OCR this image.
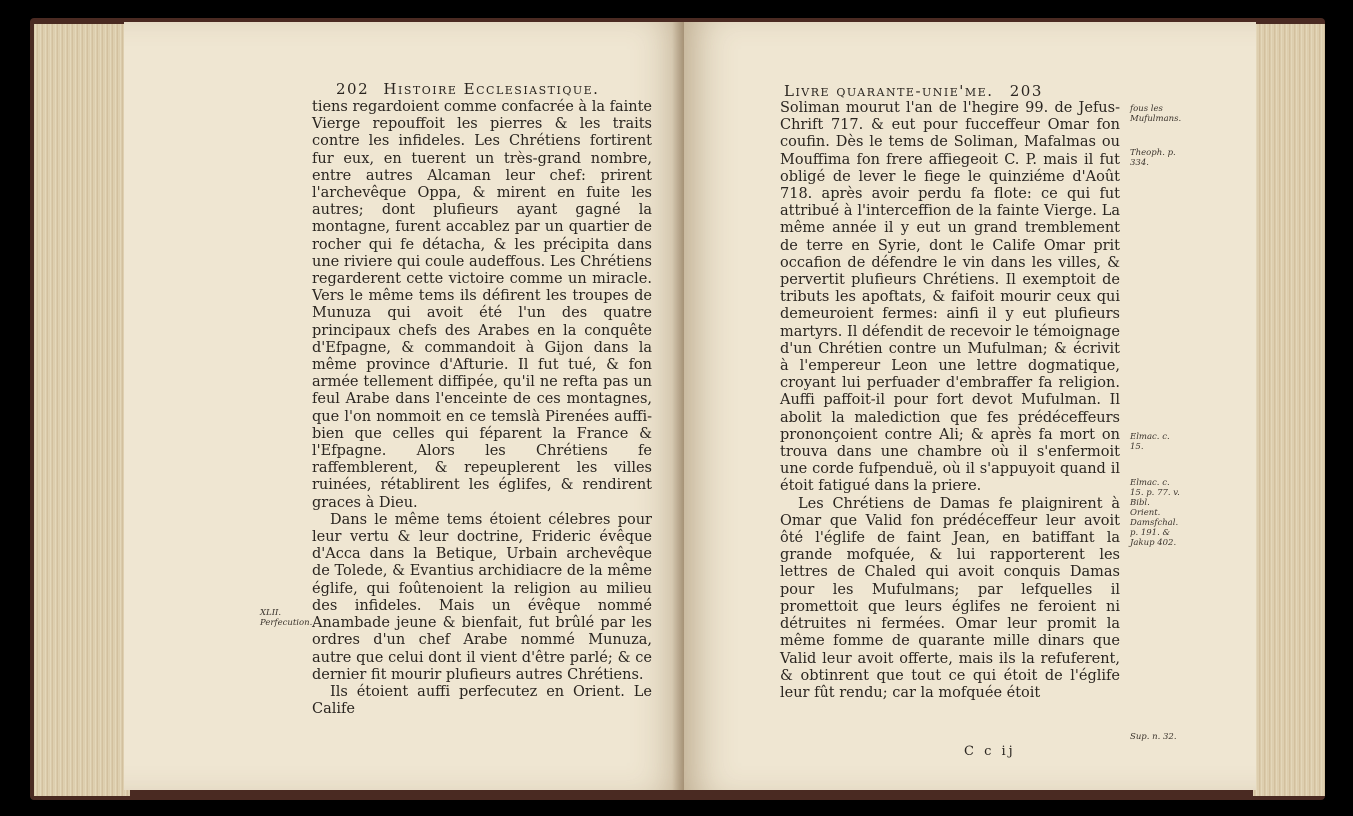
202 Histoire Ecclesiastique.

tiens regardoient comme confacrée à la fainte Vierge repouffoit les pierres & les traits contre les infideles. Les Chrétiens fortirent fur eux, en tuerent un très-grand nombre, entre autres Alcaman leur chef: prirent l'archevêque Oppa, & mirent en fuite les autres; dont plufieurs ayant gagné la montagne, furent accablez par un quartier de rocher qui fe détacha, & les précipita dans une riviere qui coule audeffous. Les Chrétiens regarderent cette victoire comme un miracle. Vers le même tems ils défirent les troupes de Munuza qui avoit été l'un des quatre principaux chefs des Arabes en la conquête d'Efpagne, & commandoit à Gijon dans la même province d'Afturie. Il fut tué, & fon armée tellement diffipée, qu'il ne refta pas un feul Arabe dans l'enceinte de ces montagnes, que l'on nommoit en ce temslà Pirenées auffi-bien que celles qui féparent la France & l'Efpagne. Alors les Chrétiens fe raffemblerent, & repeuplerent les villes ruinées, rétablirent les églifes, & rendirent graces à Dieu.

Dans le même tems étoient célebres pour leur vertu & leur doctrine, Frideric évêque d'Acca dans la Betique, Urbain archevêque de Tolede, & Evantius archidiacre de la même églife, qui foûtenoient la religion au milieu des infideles. Mais un évêque nommé Anambade jeune & bienfait, fut brûlé par les ordres d'un chef Arabe nommé Munuza, autre que celui dont il vient d'être parlé; & ce dernier fit mourir plufieurs autres Chrétiens.

Ils étoient auffi perfecutez en Orient. Le Calife

XLII. Perfecution.
Livre quarante-unie'me. 203

Soliman mourut l'an de l'hegire 99. de Jefus-Chrift 717. & eut pour fucceffeur Omar fon coufin. Dès le tems de Soliman, Mafalmas ou Mouffima fon frere affiegeoit C. P. mais il fut obligé de lever le fiege le quinziéme d'Août 718. après avoir perdu fa flote: ce qui fut attribué à l'interceffion de la fainte Vierge. La même année il y eut un grand tremblement de terre en Syrie, dont le Calife Omar prit occafion de défendre le vin dans les villes, & pervertit plufieurs Chrétiens. Il exemptoit de tributs les apoftats, & faifoit mourir ceux qui demeuroient fermes: ainfi il y eut plufieurs martyrs. Il défendit de recevoir le témoignage d'un Chrétien contre un Mufulman; & écrivit à l'empereur Leon une lettre dogmatique, croyant lui perfuader d'embraffer fa religion. Auffi paffoit-il pour fort devot Mufulman. Il abolit la malediction que fes prédéceffeurs prononçoient contre Ali; & après fa mort on trouva dans une chambre où il s'enfermoit une corde fufpenduë, où il s'appuyoit quand il étoit fatigué dans la priere.

Les Chrétiens de Damas fe plaignirent à Omar que Valid fon prédéceffeur leur avoit ôté l'églife de faint Jean, en batiffant la grande mofquée, & lui rapporterent les lettres de Chaled qui avoit conquis Damas pour les Mufulmans; par lefquelles il promettoit que leurs églifes ne feroient ni détruites ni fermées. Omar leur promit la même fomme de quarante mille dinars que Valid leur avoit offerte, mais ils la refuferent, & obtinrent que tout ce qui étoit de l'églife leur fût rendu; car la mofquée étoit

C c ij
fous les Mufulmans.
Theoph. p. 334.
Elmac. c. 15.
Elmac. c. 15. p. 77. v. Bibl. Orient. Damsfchal. p. 191. & Jakup 402.
Sup. n. 32.
